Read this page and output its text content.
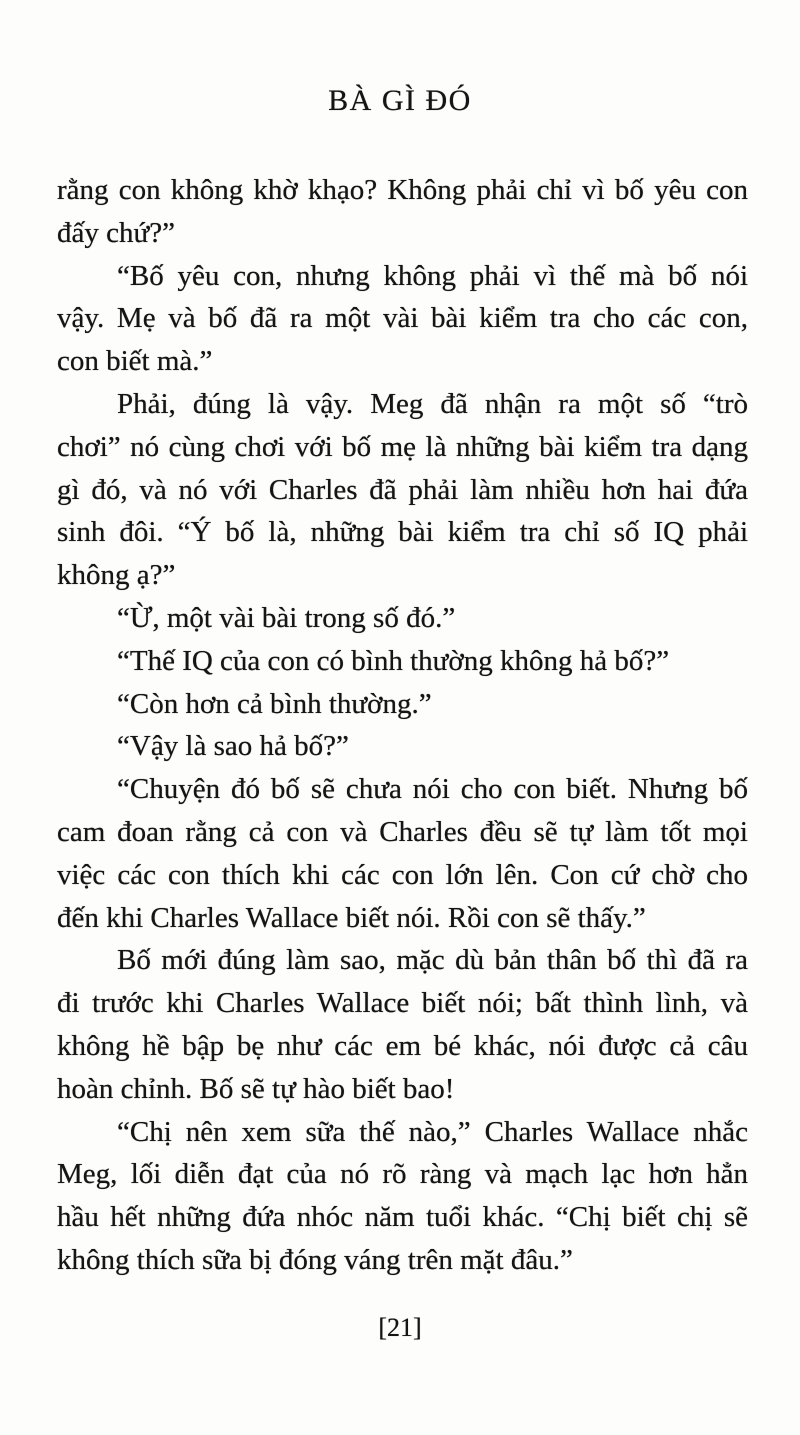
BÀ GÌ ĐÓ

rằng con không khờ khạo? Không phải chỉ vì bố yêu con
đấy chứ?”

“Bố yêu con, nhưng không phải vì thế mà bố nói
vậy. Mẹ và bố đã ra một vài bài kiểm tra cho các con,
con biết mà.”

Phải, đúng là vậy. Meg đã nhận ra một số “trò
chơi” nó cùng chơi với bố mẹ là những bài kiểm tra dạng
gì đó, và nó với Charles đã phải làm nhiều hơn hai đứa
sinh đôi. “Ý bố là, những bài kiểm tra chỉ số IQ phải
không ạ?”

“Ừ, một vài bài trong số đó.”

“Thế IQ của con có bình thường không hả bố?”

“Còn hơn cả bình thường.”

“Vậy là sao hả bố?”

“Chuyện đó bố sẽ chưa nói cho con biết. Nhưng bố
cam đoan rằng cả con và Charles đều sẽ tự làm tốt mọi
việc các con thích khi các con lớn lên. Con cứ chờ cho
đến khi Charles Wallace biết nói. Rồi con sẽ thấy.”

Bố mới đúng làm sao, mặc dù bản thân bố thì đã ra
đi trước khi Charles Wallace biết nói; bất thình lình, và
không hề bập bẹ như các em bé khác, nói được cả câu
hoàn chỉnh. Bố sẽ tự hào biết bao!

“Chị nên xem sữa thế nào,” Charles Wallace nhắc
Meg, lối diễn đạt của nó rõ ràng và mạch lạc hơn hẳn
hầu hết những đứa nhóc năm tuổi khác. “Chị biết chị sẽ
không thích sữa bị đóng váng trên mặt đâu.”

[21]
